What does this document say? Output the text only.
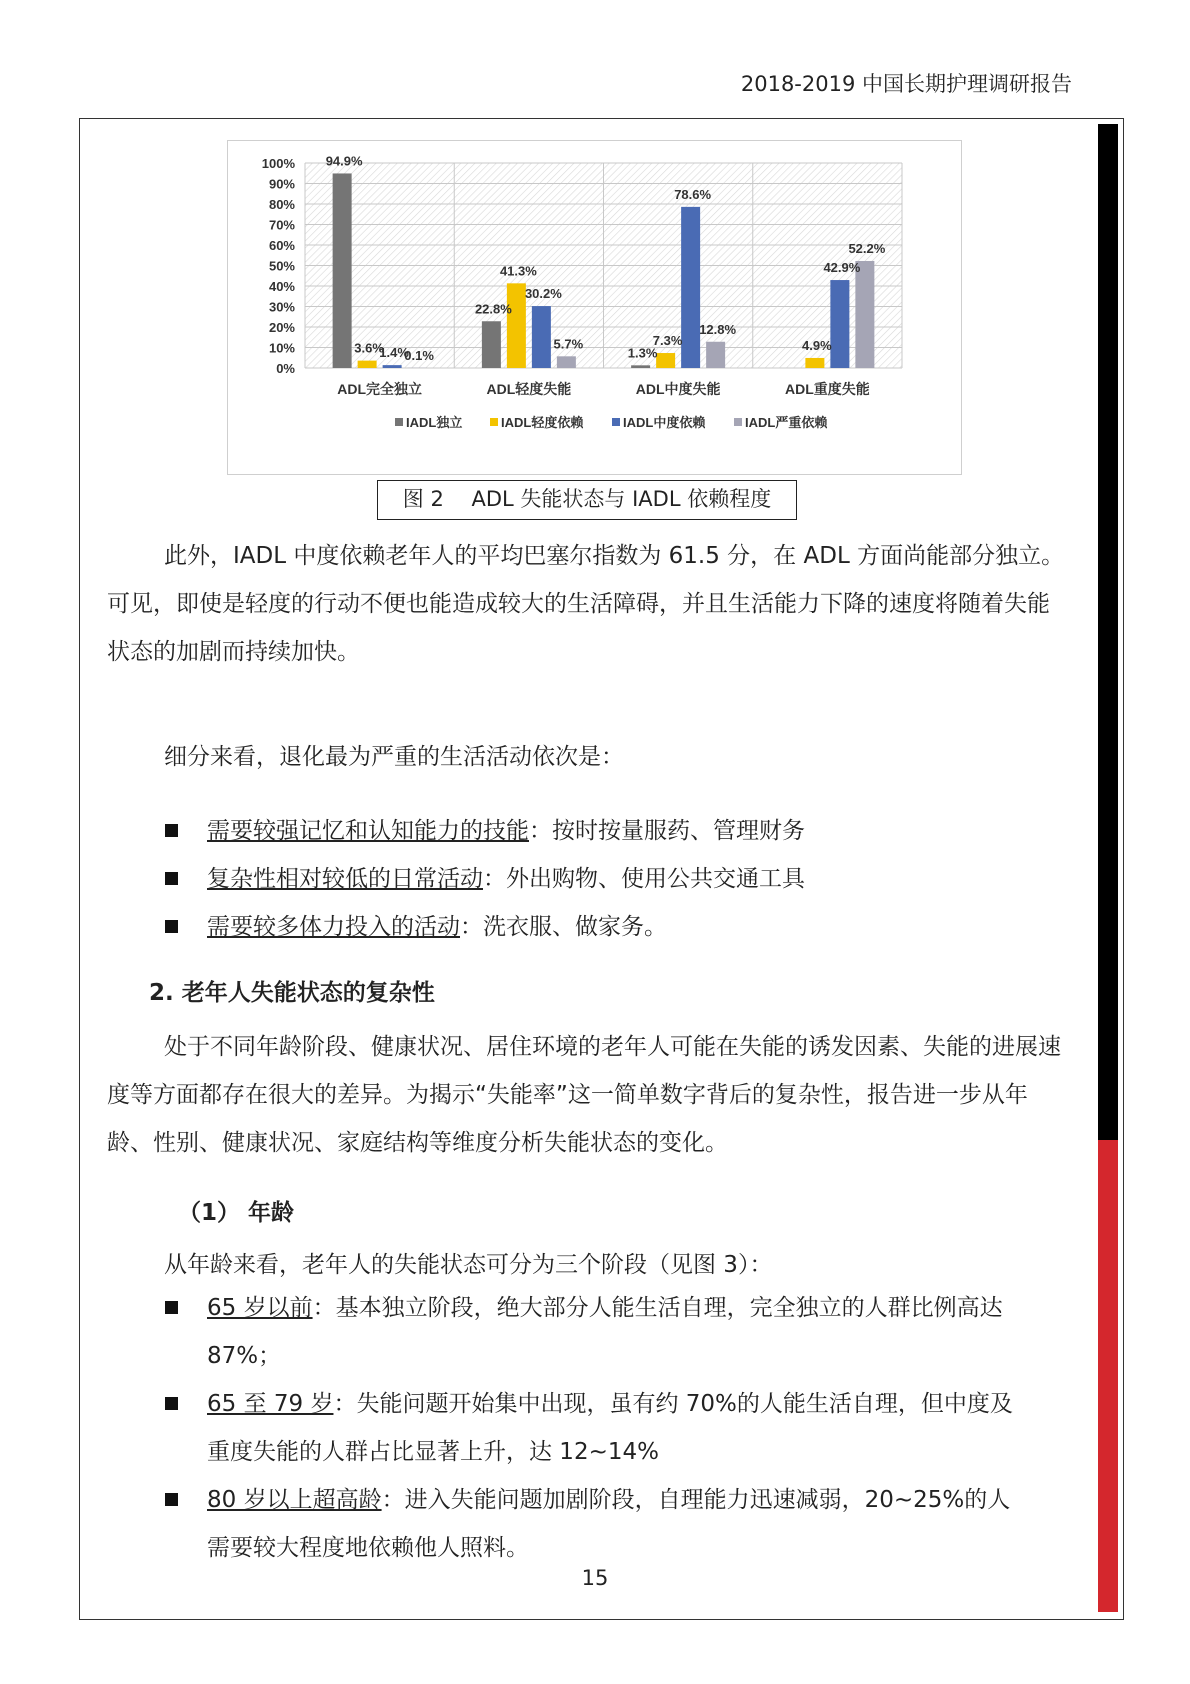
2018-2019 中国长期护理调研报告
0%
10%
20%
30%
40%
50%
60%
70%
80%
90%
100% 94.9%
22.8%
1.3%
3.6%
41.3%
7.3%	4.9%
1.4%
30.2%
78.6%
42.9%
0.1%
5.7%
12.8%
52.2%
ADL完全独立	ADL轻度失能	ADL中度失能	ADL重度失能
IADL独立	IADL轻度依赖	IADL中度依赖	IADL严重依赖
图 2　 ADL 失能状态与 IADL 依赖程度

此外，IADL 中度依赖老年人的平均巴塞尔指数为 61.5 分，在 ADL 方面尚能部分独立。可见，即使是轻度的行动不便也能造成较大的生活障碍，并且生活能力下降的速度将随着失能状态的加剧而持续加快。

细分来看，退化最为严重的生活活动依次是：

需要较强记忆和认知能力的技能：按时按量服药、管理财务
复杂性相对较低的日常活动：外出购物、使用公共交通工具
需要较多体力投入的活动：洗衣服、做家务。
2. 老年人失能状态的复杂性

处于不同年龄阶段、健康状况、居住环境的老年人可能在失能的诱发因素、失能的进展速度等方面都存在很大的差异。为揭示“失能率”这一简单数字背后的复杂性，报告进一步从年龄、性别、健康状况、家庭结构等维度分析失能状态的变化。

（1） 年龄

从年龄来看，老年人的失能状态可分为三个阶段（见图 3）：

65 岁以前：基本独立阶段，绝大部分人能生活自理，完全独立的人群比例高达 87%；
65 至 79 岁：失能问题开始集中出现，虽有约 70%的人能生活自理，但中度及重度失能的人群占比显著上升，达 12~14%
80 岁以上超高龄：进入失能问题加剧阶段，自理能力迅速减弱，20~25%的人需要较大程度地依赖他人照料。
15
